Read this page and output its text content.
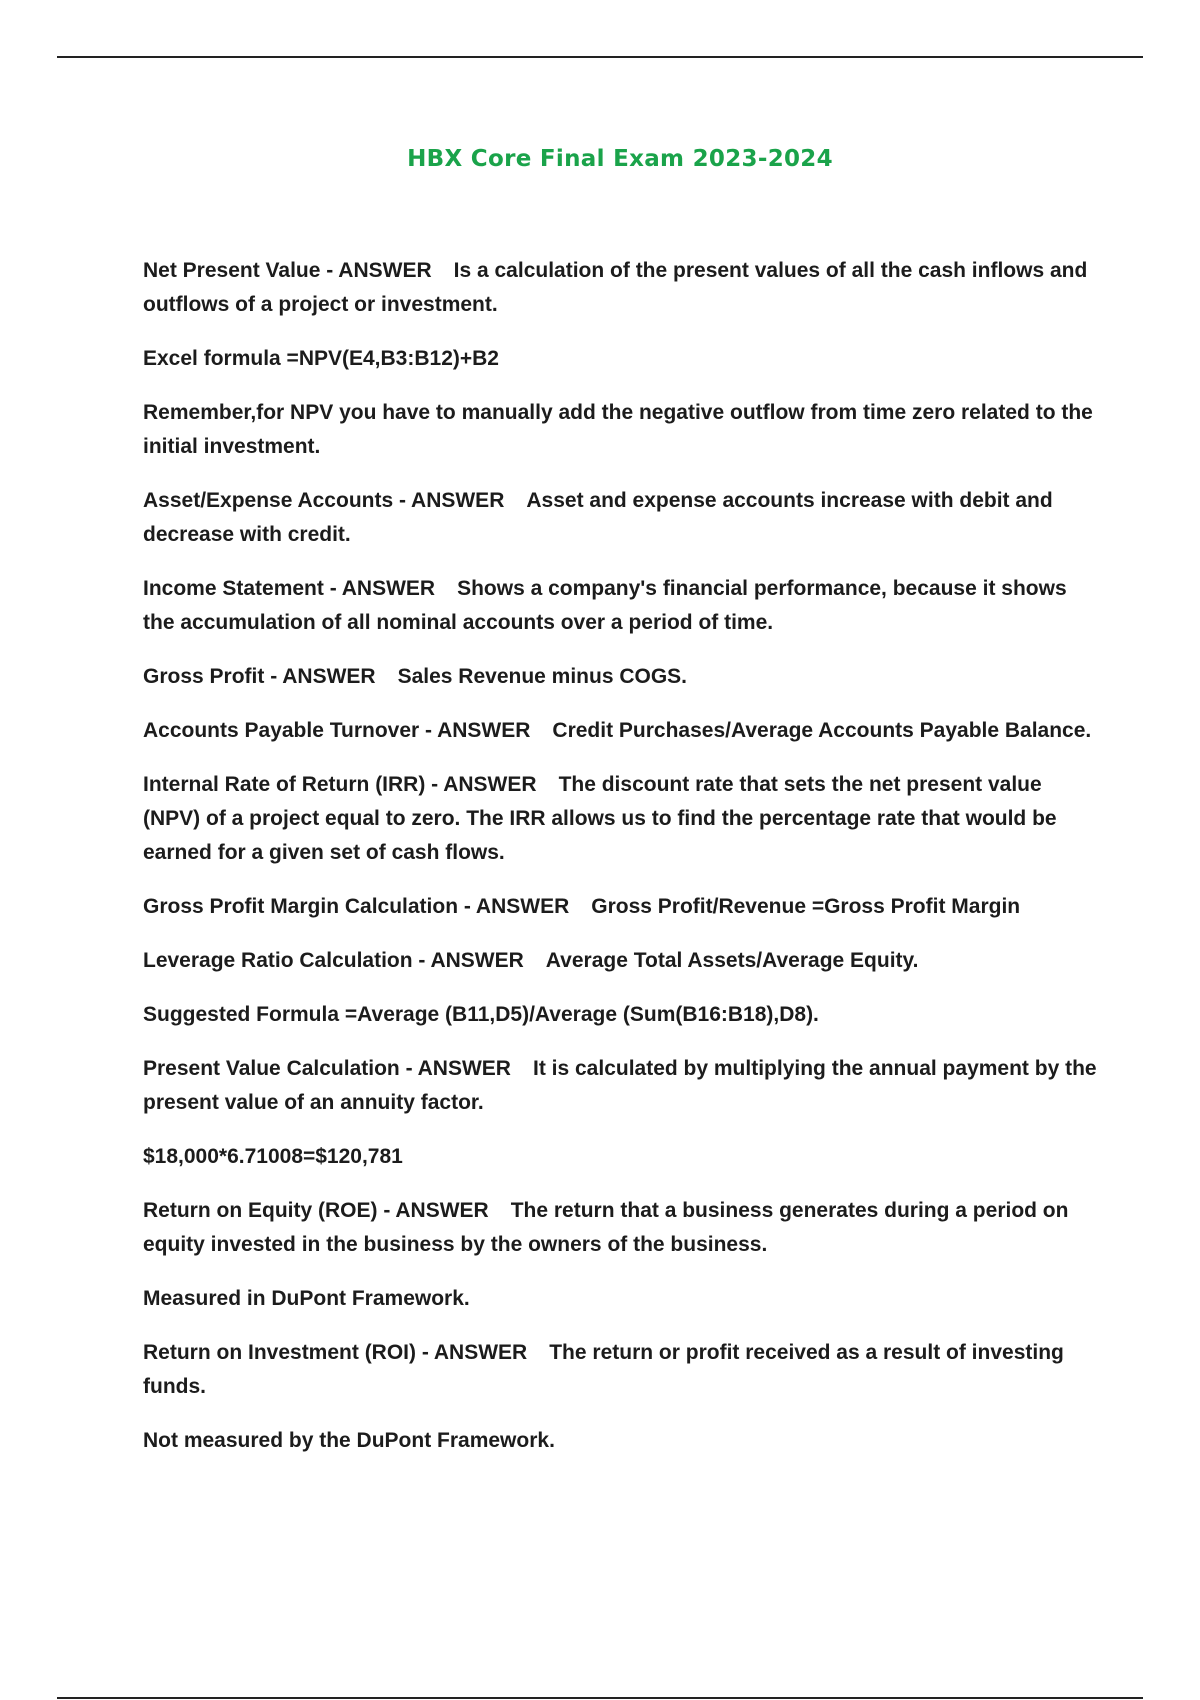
HBX Core Final Exam 2023-2024

Net Present Value - ANSWER Is a calculation of the present values of all the cash inflows and outflows of a project or investment.

Excel formula =NPV(E4,B3:B12)+B2

Remember,for NPV you have to manually add the negative outflow from time zero related to the initial investment.

Asset/Expense Accounts - ANSWER Asset and expense accounts increase with debit and decrease with credit.

Income Statement - ANSWER Shows a company's financial performance, because it shows the accumulation of all nominal accounts over a period of time.

Gross Profit - ANSWER Sales Revenue minus COGS.

Accounts Payable Turnover - ANSWER Credit Purchases/Average Accounts Payable Balance.

Internal Rate of Return (IRR) - ANSWER The discount rate that sets the net present value (NPV) of a project equal to zero. The IRR allows us to find the percentage rate that would be earned for a given set of cash flows.

Gross Profit Margin Calculation - ANSWER Gross Profit/Revenue =Gross Profit Margin

Leverage Ratio Calculation - ANSWER Average Total Assets/Average Equity.

Suggested Formula =Average (B11,D5)/Average (Sum(B16:B18),D8).

Present Value Calculation - ANSWER It is calculated by multiplying the annual payment by the present value of an annuity factor.

$18,000*6.71008=$120,781

Return on Equity (ROE) - ANSWER The return that a business generates during a period on equity invested in the business by the owners of the business.

Measured in DuPont Framework.

Return on Investment (ROI) - ANSWER The return or profit received as a result of investing funds.

Not measured by the DuPont Framework.
